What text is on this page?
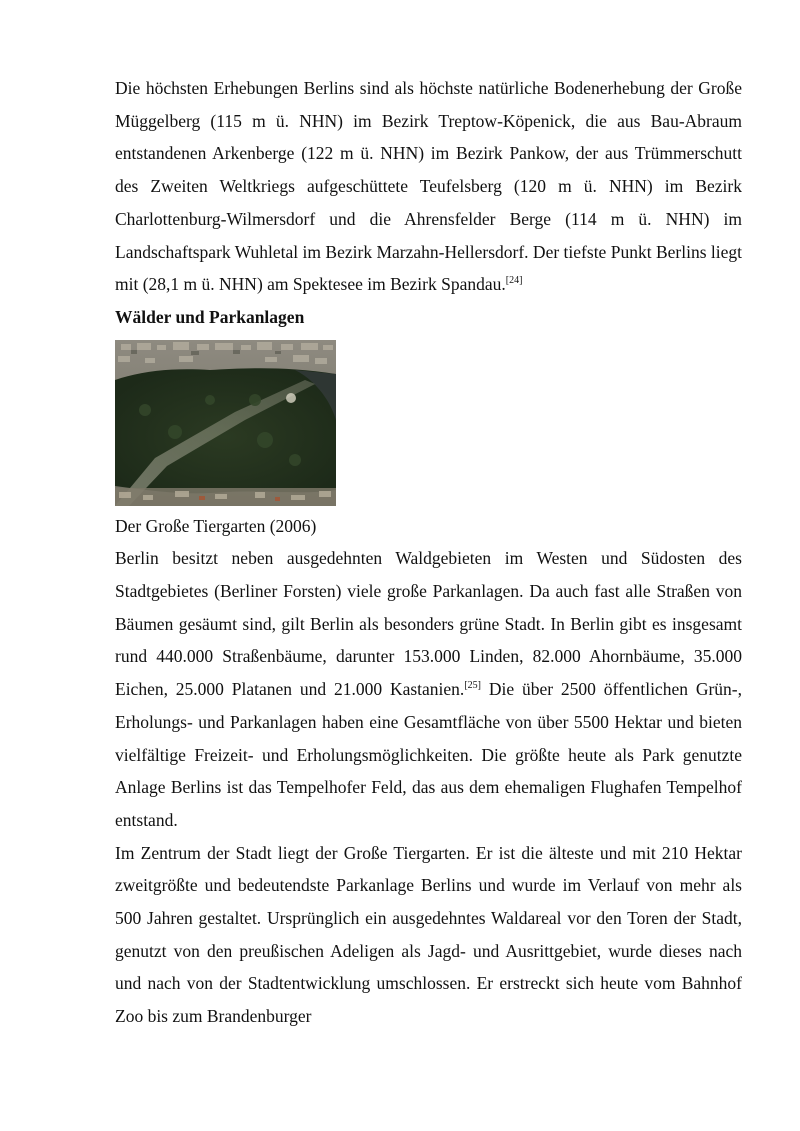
Die höchsten Erhebungen Berlins sind als höchste natürliche Bodenerhebung der Große Müggelberg (115 m ü. NHN) im Bezirk Treptow-Köpenick, die aus Bau-Abraum entstandenen Arkenberge (122 m ü. NHN) im Bezirk Pankow, der aus Trümmerschutt des Zweiten Weltkriegs aufgeschüttete Teufelsberg (120 m ü. NHN) im Bezirk Charlottenburg-Wilmersdorf und die Ahrensfelder Berge (114 m ü. NHN) im Landschaftspark Wuhletal im Bezirk Marzahn-Hellersdorf. Der tiefste Punkt Berlins liegt mit (28,1 m ü. NHN) am Spektesee im Bezirk Spandau.[24]

Wälder und Parkanlagen

Der Große Tiergarten (2006)

Berlin besitzt neben ausgedehnten Waldgebieten im Westen und Südosten des Stadtgebietes (Berliner Forsten) viele große Parkanlagen. Da auch fast alle Straßen von Bäumen gesäumt sind, gilt Berlin als besonders grüne Stadt. In Berlin gibt es insgesamt rund 440.000 Straßenbäume, darunter 153.000 Linden, 82.000 Ahornbäume, 35.000 Eichen, 25.000 Platanen und 21.000 Kastanien.[25] Die über 2500 öffentlichen Grün-, Erholungs- und Parkanlagen haben eine Gesamtfläche von über 5500 Hektar und bieten vielfältige Freizeit- und Erholungsmöglichkeiten. Die größte heute als Park genutzte Anlage Berlins ist das Tempelhofer Feld, das aus dem ehemaligen Flughafen Tempelhof entstand.

Im Zentrum der Stadt liegt der Große Tiergarten. Er ist die älteste und mit 210 Hektar zweitgrößte und bedeutendste Parkanlage Berlins und wurde im Verlauf von mehr als 500 Jahren gestaltet. Ursprünglich ein ausgedehntes Waldareal vor den Toren der Stadt, genutzt von den preußischen Adeligen als Jagd- und Ausrittgebiet, wurde dieses nach und nach von der Stadtentwicklung umschlossen. Er erstreckt sich heute vom Bahnhof Zoo bis zum Brandenburger
